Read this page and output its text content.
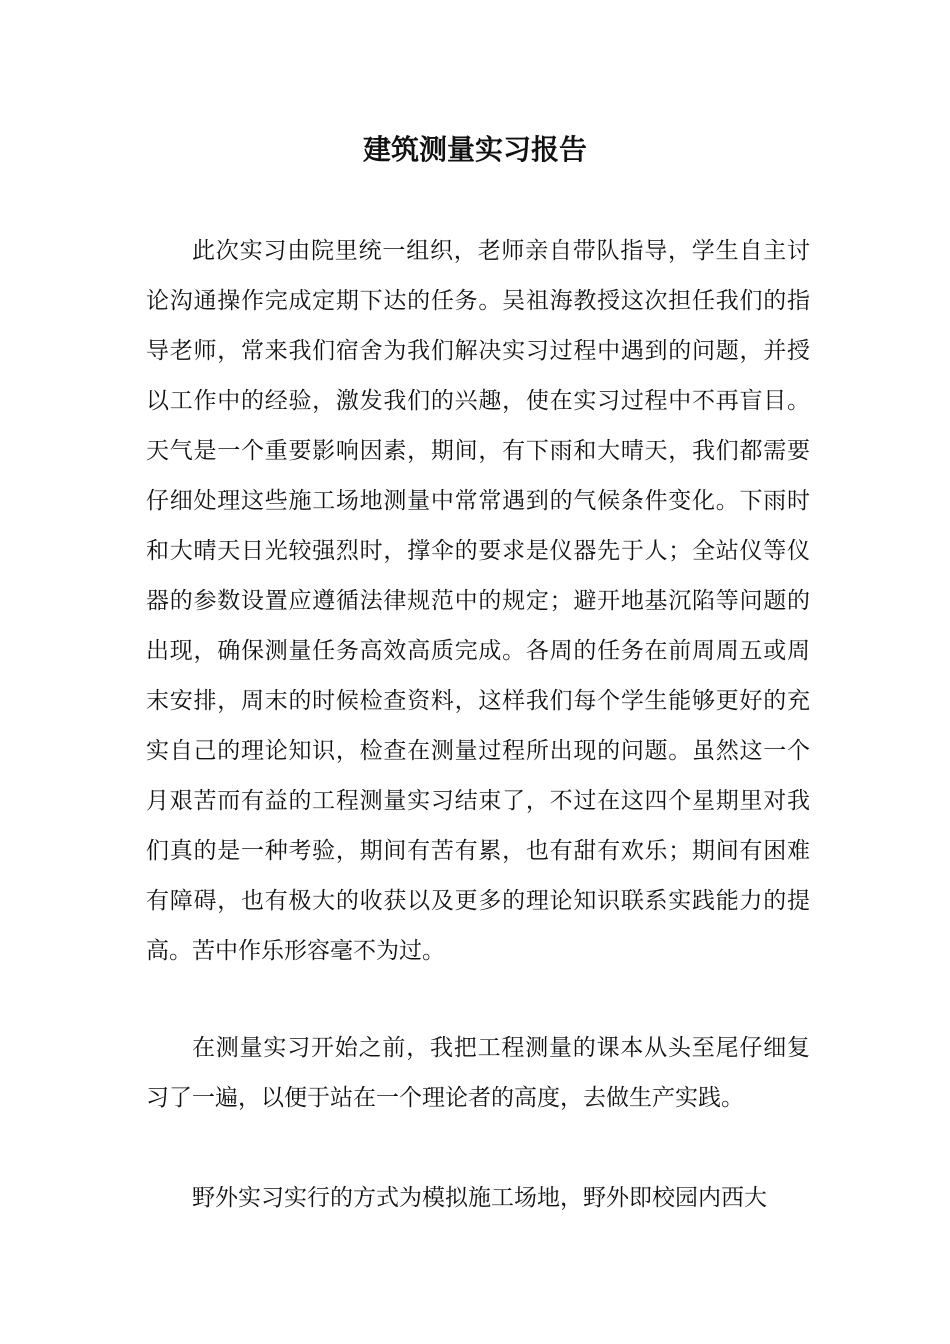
建筑测量实习报告

此次实习由院里统一组织，老师亲自带队指导，学生自主讨论沟通操作完成定期下达的任务。吴祖海教授这次担任我们的指导老师，常来我们宿舍为我们解决实习过程中遇到的问题，并授以工作中的经验，激发我们的兴趣，使在实习过程中不再盲目。天气是一个重要影响因素，期间，有下雨和大晴天，我们都需要仔细处理这些施工场地测量中常常遇到的气候条件变化。下雨时和大晴天日光较强烈时，撑伞的要求是仪器先于人；全站仪等仪器的参数设置应遵循法律规范中的规定；避开地基沉陷等问题的出现，确保测量任务高效高质完成。各周的任务在前周周五或周末安排，周末的时候检查资料，这样我们每个学生能够更好的充实自己的理论知识，检查在测量过程所出现的问题。虽然这一个月艰苦而有益的工程测量实习结束了，不过在这四个星期里对我们真的是一种考验，期间有苦有累，也有甜有欢乐；期间有困难有障碍，也有极大的收获以及更多的理论知识联系实践能力的提高。苦中作乐形容毫不为过。

在测量实习开始之前，我把工程测量的课本从头至尾仔细复习了一遍，以便于站在一个理论者的高度，去做生产实践。

野外实习实行的方式为模拟施工场地，野外即校园内西大
